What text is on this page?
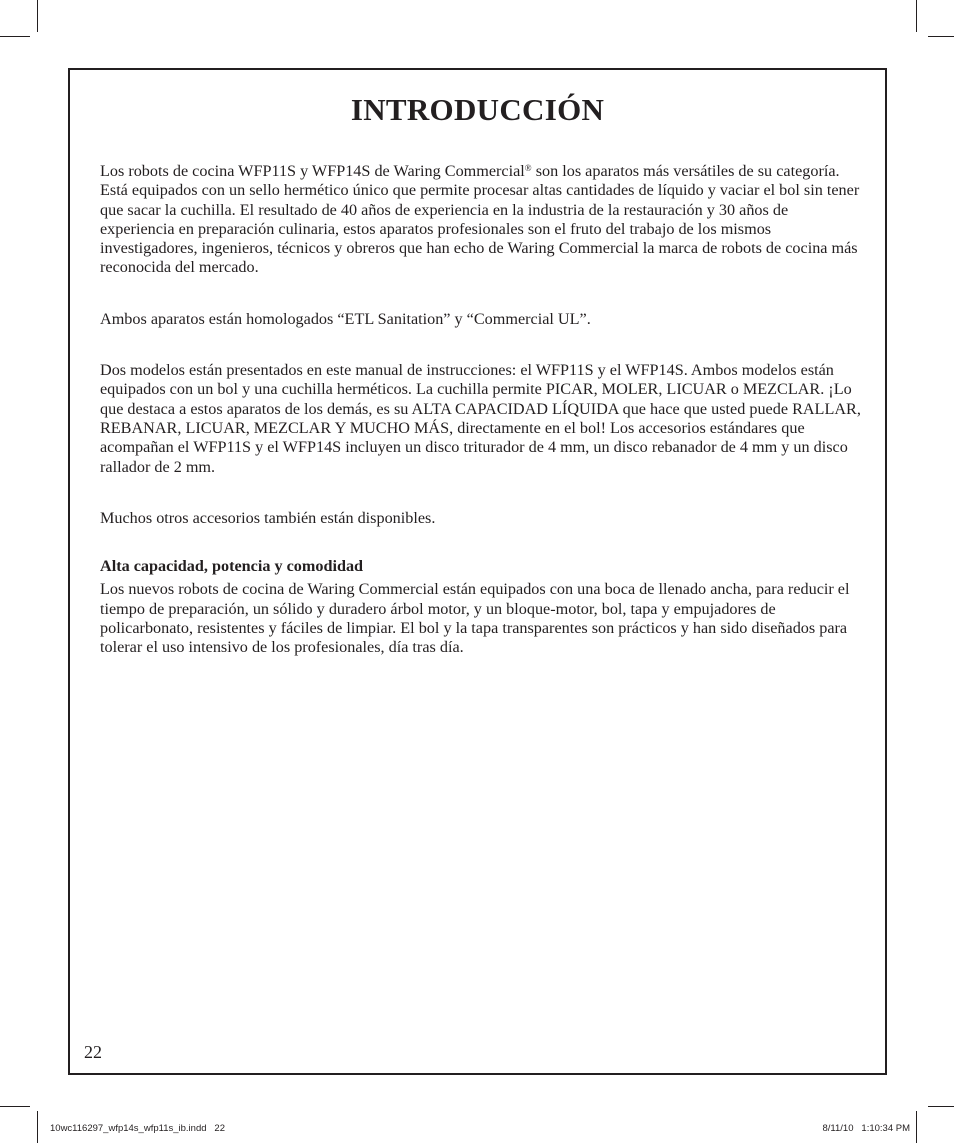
INTRODUCCIÓN

Los robots de cocina WFP11S y WFP14S de Waring Commercial® son los aparatos más versátiles de su categoría. Está equipados con un sello hermético único que permite procesar altas cantidades de líquido y vaciar el bol sin tener que sacar la cuchilla. El resultado de 40 años de experiencia en la industria de la restauración y 30 años de experiencia en preparación culinaria, estos aparatos profesionales son el fruto del trabajo de los mismos investigadores, ingenieros, técnicos y obreros que han echo de Waring Commercial la marca de robots de cocina más reconocida del mercado.

Ambos aparatos están homologados “ETL Sanitation” y “Commercial UL”.

Dos modelos están presentados en este manual de instrucciones: el WFP11S y el WFP14S. Ambos modelos están equipados con un bol y una cuchilla herméticos. La cuchilla permite PICAR, MOLER, LICUAR o MEZCLAR. ¡Lo que destaca a estos aparatos de los demás, es su ALTA CAPACIDAD LÍQUIDA que hace que usted puede RALLAR, REBANAR, LICUAR, MEZCLAR Y MUCHO MÁS, directamente en el bol! Los accesorios estándares que acompañan el WFP11S y el WFP14S incluyen un disco triturador de 4 mm, un disco rebanador de 4 mm y un disco rallador de 2 mm.

Muchos otros accesorios también están disponibles.

Alta capacidad, potencia y comodidad

Los nuevos robots de cocina de Waring Commercial están equipados con una boca de llenado ancha, para reducir el tiempo de preparación, un sólido y duradero árbol motor, y un bloque-motor, bol, tapa y empujadores de policarbonato, resistentes y fáciles de limpiar. El bol y la tapa transparentes son prácticos y han sido diseñados para tolerar el uso intensivo de los profesionales, día tras día.

22
10wc116297_wfp14s_wfp11s_ib.indd   22	8/11/10   1:10:34 PM
